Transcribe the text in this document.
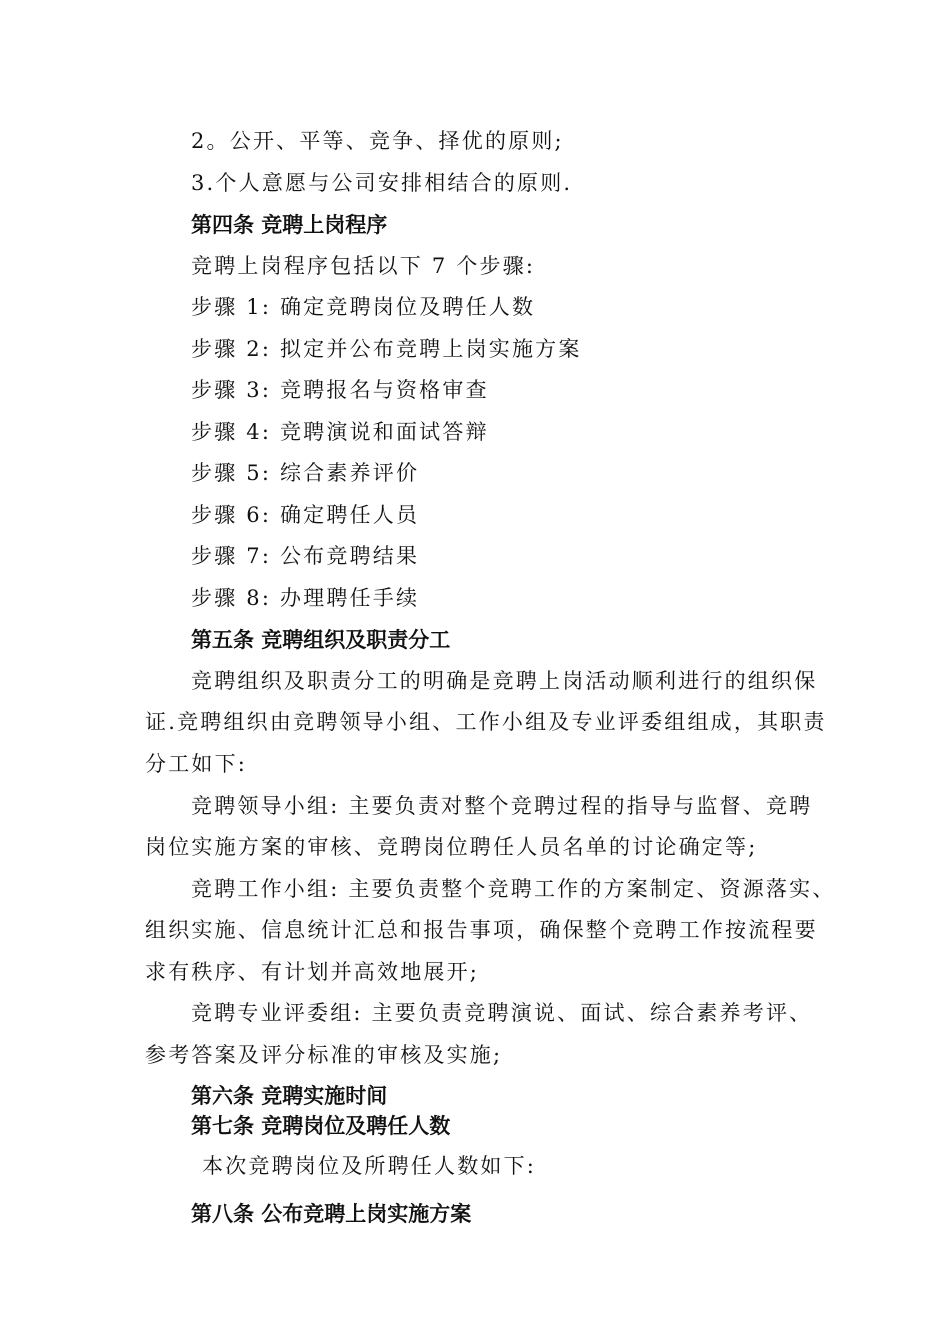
2。公开、平等、竞争、择优的原则;
3.个人意愿与公司安排相结合的原则.
第四条 竞聘上岗程序
竞聘上岗程序包括以下 7 个步骤:
步骤 1: 确定竞聘岗位及聘任人数
步骤 2: 拟定并公布竞聘上岗实施方案
步骤 3: 竞聘报名与资格审查
步骤 4: 竞聘演说和面试答辩
步骤 5: 综合素养评价
步骤 6: 确定聘任人员
步骤 7: 公布竞聘结果
步骤 8: 办理聘任手续
第五条 竞聘组织及职责分工
竞聘组织及职责分工的明确是竞聘上岗活动顺利进行的组织保
证.竞聘组织由竞聘领导小组、工作小组及专业评委组组成，其职责
分工如下:
竞聘领导小组: 主要负责对整个竞聘过程的指导与监督、竞聘
岗位实施方案的审核、竞聘岗位聘任人员名单的讨论确定等;
竞聘工作小组: 主要负责整个竞聘工作的方案制定、资源落实、
组织实施、信息统计汇总和报告事项，确保整个竞聘工作按流程要
求有秩序、有计划并高效地展开;
竞聘专业评委组: 主要负责竞聘演说、面试、综合素养考评、
参考答案及评分标准的审核及实施;
第六条 竞聘实施时间
第七条 竞聘岗位及聘任人数
本次竞聘岗位及所聘任人数如下:
第八条 公布竞聘上岗实施方案
